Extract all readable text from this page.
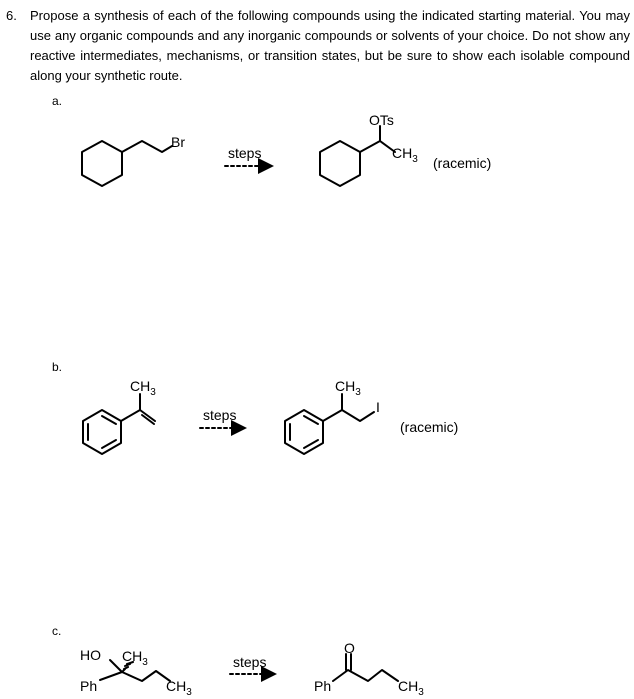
6. Propose a synthesis of each of the following compounds using the indicated starting material. You may use any organic compounds and any inorganic compounds or solvents of your choice. Do not show any reactive intermediates, mechanisms, or transition states, but be sure to show each isolable compound along your synthetic route.
a.
b.
c.
Br
steps
OTs
$CH_3$ (racemic)
$CH_3$
steps
$CH_3$
I
(racemic)
HO $CH_3$
Ph	$CH_3$
steps
O
Ph	$CH_3$
